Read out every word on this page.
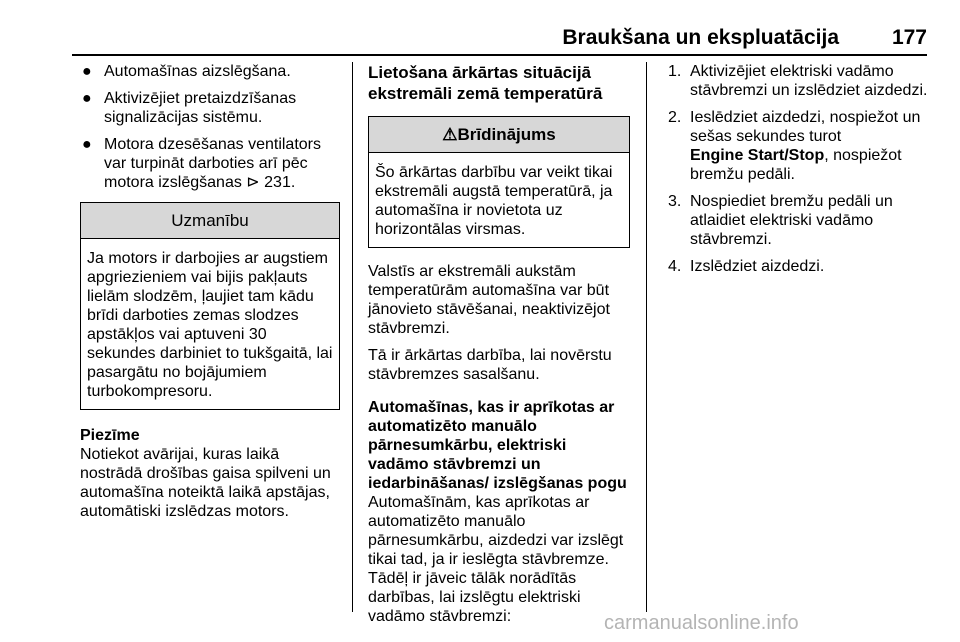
Braukšana un ekspluatācija	177
● Automašīnas aizslēgšana.
● Aktivizējiet pretaizdzīšanas signalizācijas sistēmu.
● Motora dzesēšanas ventilators var turpināt darboties arī pēc motora izslēgšanas ⊳ 231.
Uzmanību
Ja motors ir darbojies ar augstiem apgriezieniem vai bijis pakļauts lielām slodzēm, ļaujiet tam kādu brīdi darboties zemas slodzes apstākļos vai aptuveni 30 sekundes darbiniet to tukšgaitā, lai pasargātu no bojājumiem turbokompresoru.
Piezīme
Notiekot avārijai, kuras laikā nostrādā drošības gaisa spilveni un automašīna noteiktā laikā apstājas, automātiski izslēdzas motors.
Lietošana ārkārtas situācijā ekstremāli zemā temperatūrā
⚠Brīdinājums
Šo ārkārtas darbību var veikt tikai ekstremāli augstā temperatūrā, ja automašīna ir novietota uz horizontālas virsmas.

Valstīs ar ekstremāli aukstām temperatūrām automašīna var būt jānovieto stāvēšanai, neaktivizējot stāvbremzi.

Tā ir ārkārtas darbība, lai novērstu stāvbremzes sasalšanu.

Automašīnas, kas ir aprīkotas ar automatizēto manuālo pārnesumkārbu, elektriski vadāmo stāvbremzi un iedarbināšanas/ izslēgšanas pogu
Automašīnām, kas aprīkotas ar automatizēto manuālo pārnesumkārbu, aizdedzi var izslēgt tikai tad, ja ir ieslēgta stāvbremze. Tādēļ ir jāveic tālāk norādītās darbības, lai izslēgtu elektriski vadāmo stāvbremzi:
1. Aktivizējiet elektriski vadāmo stāvbremzi un izslēdziet aizdedzi.
2. Ieslēdziet aizdedzi, nospiežot un sešas sekundes turot
Engine Start/Stop, nospiežot bremžu pedāli.
3. Nospiediet bremžu pedāli un atlaidiet elektriski vadāmo stāvbremzi.
4. Izslēdziet aizdedzi.
carmanualsonline.info
